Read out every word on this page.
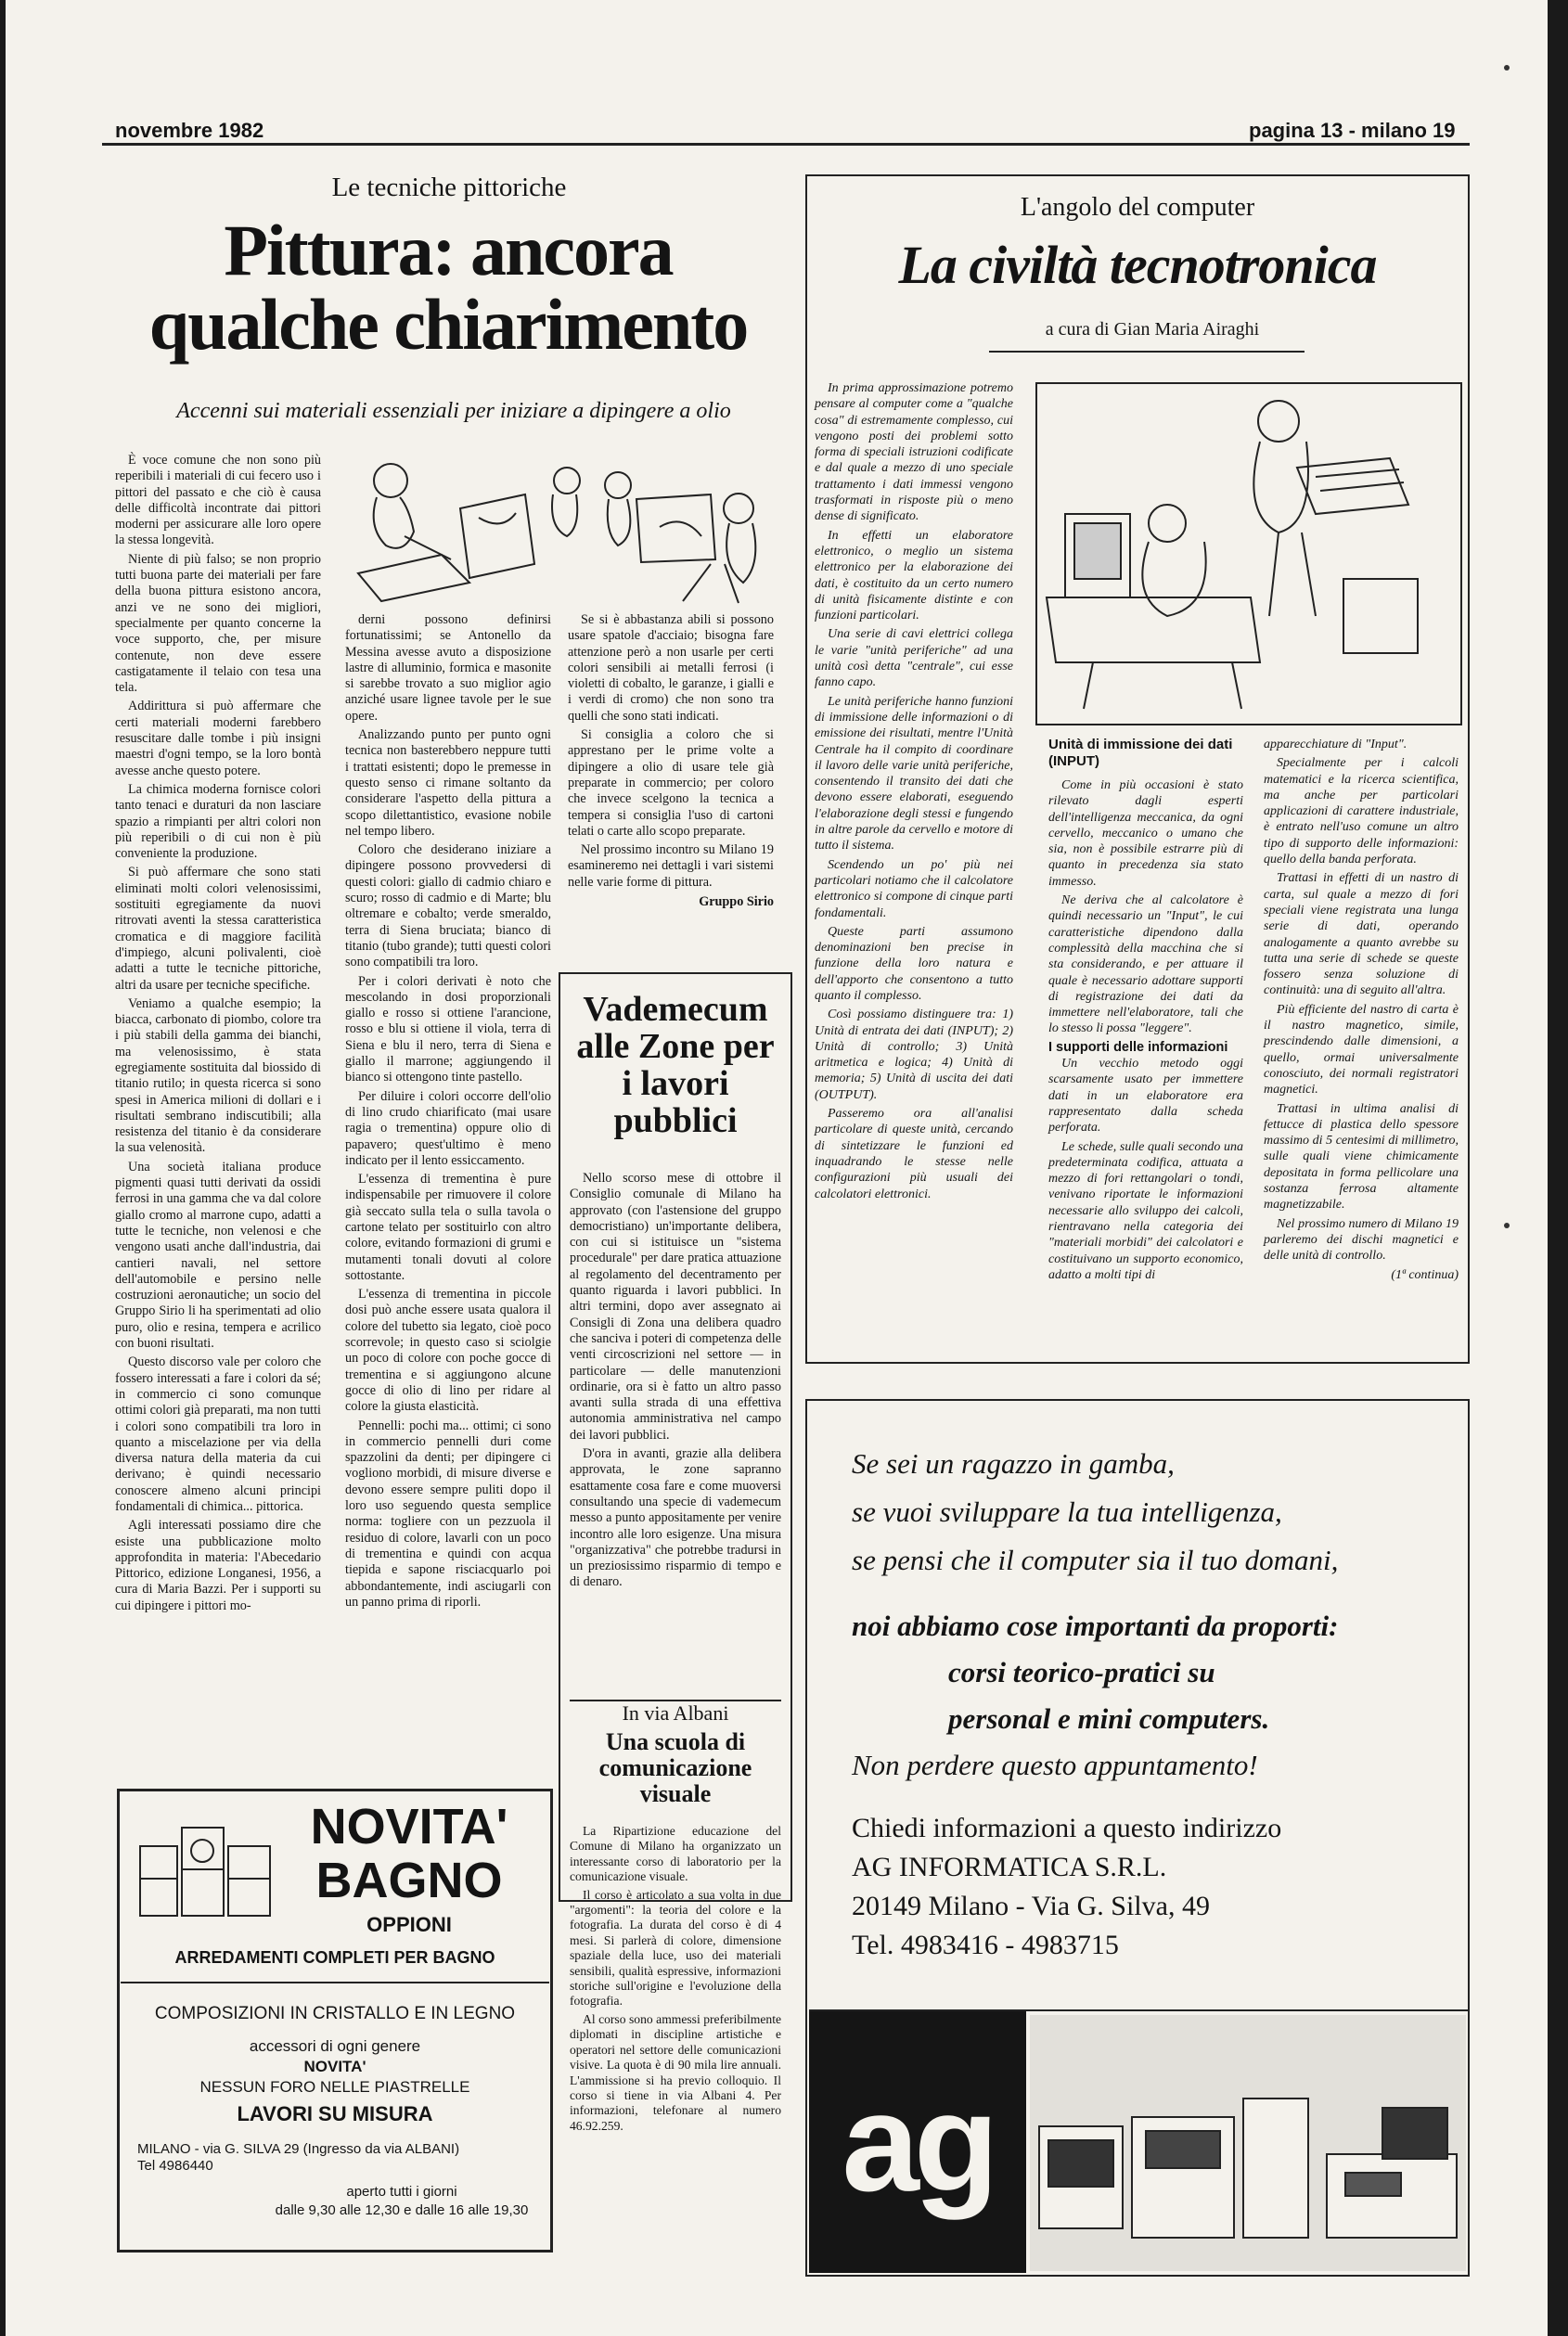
novembre 1982	pagina 13 - milano 19
Le tecniche pittoriche
Pittura: ancora
qualche chiarimento
Accenni sui materiali essenziali per iniziare a dipingere a olio

È voce comune che non sono più reperibili i materiali di cui fecero uso i pittori del passato e che ciò è causa delle difficoltà incontrate dai pittori moderni per assicurare alle loro opere la stessa longevità.

Niente di più falso; se non proprio tutti buona parte dei materiali per fare della buona pittura esistono ancora, anzi ve ne sono dei migliori, specialmente per quanto concerne la voce supporto, che, per misure contenute, non deve essere castigatamente il telaio con tesa una tela.

Addirittura si può affermare che certi materiali moderni farebbero resuscitare dalle tombe i più insigni maestri d'ogni tempo, se la loro bontà avesse anche questo potere.

La chimica moderna fornisce colori tanto tenaci e duraturi da non lasciare spazio a rimpianti per altri colori non più reperibili o di cui non è più conveniente la produzione.

Si può affermare che sono stati eliminati molti colori velenosissimi, sostituiti egregiamente da nuovi ritrovati aventi la stessa caratteristica cromatica e di maggiore facilità d'impiego, alcuni polivalenti, cioè adatti a tutte le tecniche pittoriche, altri da usare per tecniche specifiche.

Veniamo a qualche esempio; la biacca, carbonato di piombo, colore tra i più stabili della gamma dei bianchi, ma velenosissimo, è stata egregiamente sostituita dal biossido di titanio rutilo; in questa ricerca si sono spesi in America milioni di dollari e i risultati sembrano indiscutibili; alla resistenza del titanio è da considerare la sua velenosità.

Una società italiana produce pigmenti quasi tutti derivati da ossidi ferrosi in una gamma che va dal colore giallo cromo al marrone cupo, adatti a tutte le tecniche, non velenosi e che vengono usati anche dall'industria, dai cantieri navali, nel settore dell'automobile e persino nelle costruzioni aeronautiche; un socio del Gruppo Sirio li ha sperimentati ad olio puro, olio e resina, tempera e acrilico con buoni risultati.

Questo discorso vale per coloro che fossero interessati a fare i colori da sé; in commercio ci sono comunque ottimi colori già preparati, ma non tutti i colori sono compatibili tra loro in quanto a miscelazione per via della diversa natura della materia da cui derivano; è quindi necessario conoscere almeno alcuni principi fondamentali di chimica... pittorica.

Agli interessati possiamo dire che esiste una pubblicazione molto approfondita in materia: l'Abecedario Pittorico, edizione Longanesi, 1956, a cura di Maria Bazzi. Per i supporti su cui dipingere i pittori mo-

derni possono definirsi fortunatissimi; se Antonello da Messina avesse avuto a disposizione lastre di alluminio, formica e masonite si sarebbe trovato a suo miglior agio anziché usare lignee tavole per le sue opere.

Analizzando punto per punto ogni tecnica non basterebbero neppure tutti i trattati esistenti; dopo le premesse in questo senso ci rimane soltanto da considerare l'aspetto della pittura a scopo dilettantistico, evasione nobile nel tempo libero.

Coloro che desiderano iniziare a dipingere possono provvedersi di questi colori: giallo di cadmio chiaro e scuro; rosso di cadmio e di Marte; blu oltremare e cobalto; verde smeraldo, terra di Siena bruciata; bianco di titanio (tubo grande); tutti questi colori sono compatibili tra loro.

Per i colori derivati è noto che mescolando in dosi proporzionali giallo e rosso si ottiene l'arancione, rosso e blu si ottiene il viola, terra di Siena e blu il nero, terra di Siena e giallo il marrone; aggiungendo il bianco si ottengono tinte pastello.

Per diluire i colori occorre dell'olio di lino crudo chiarificato (mai usare ragia o trementina) oppure olio di papavero; quest'ultimo è meno indicato per il lento essiccamento.

L'essenza di trementina è pure indispensabile per rimuovere il colore già seccato sulla tela o sulla tavola o cartone telato per sostituirlo con altro colore, evitando formazioni di grumi e mutamenti tonali dovuti al colore sottostante.

L'essenza di trementina in piccole dosi può anche essere usata qualora il colore del tubetto sia legato, cioè poco scorrevole; in questo caso si sciolgie un poco di colore con poche gocce di trementina e si aggiungono alcune gocce di olio di lino per ridare al colore la giusta elasticità.

Pennelli: pochi ma... ottimi; ci sono in commercio pennelli duri come spazzolini da denti; per dipingere ci vogliono morbidi, di misure diverse e devono essere sempre puliti dopo il loro uso seguendo questa semplice norma: togliere con un pezzuola il residuo di colore, lavarli con un poco di trementina e quindi con acqua tiepida e sapone risciacquarlo poi abbondantemente, indi asciugarli con un panno prima di riporli.

Se si è abbastanza abili si possono usare spatole d'acciaio; bisogna fare attenzione però a non usarle per certi colori sensibili ai metalli ferrosi (i violetti di cobalto, le garanze, i gialli e i verdi di cromo) che non sono tra quelli che sono stati indicati.

Si consiglia a coloro che si apprestano per le prime volte a dipingere a olio di usare tele già preparate in commercio; per coloro che invece scelgono la tecnica a tempera si consiglia l'uso di cartoni telati o carte allo scopo preparate.

Nel prossimo incontro su Milano 19 esamineremo nei dettagli i vari sistemi nelle varie forme di pittura.

Gruppo Sirio
Vademecum alle Zone per i lavori pubblici

Nello scorso mese di ottobre il Consiglio comunale di Milano ha approvato (con l'astensione del gruppo democristiano) un'importante delibera, con cui si istituisce un "sistema procedurale" per dare pratica attuazione al regolamento del decentramento per quanto riguarda i lavori pubblici. In altri termini, dopo aver assegnato ai Consigli di Zona una delibera quadro che sanciva i poteri di competenza delle venti circoscrizioni nel settore — in particolare — delle manutenzioni ordinarie, ora si è fatto un altro passo avanti sulla strada di una effettiva autonomia amministrativa nel campo dei lavori pubblici.

D'ora in avanti, grazie alla delibera approvata, le zone sapranno esattamente cosa fare e come muoversi consultando una specie di vademecum messo a punto appositamente per venire incontro alle loro esigenze. Una misura "organizzativa" che potrebbe tradursi in un preziosissimo risparmio di tempo e di denaro.

In via Albani
Una scuola di comunicazione visuale

La Ripartizione educazione del Comune di Milano ha organizzato un interessante corso di laboratorio per la comunicazione visuale.

Il corso è articolato a sua volta in due "argomenti": la teoria del colore e la fotografia. La durata del corso è di 4 mesi. Si parlerà di colore, dimensione spaziale della luce, uso dei materiali sensibili, qualità espressive, informazioni storiche sull'origine e l'evoluzione della fotografia.

Al corso sono ammessi preferibilmente diplomati in discipline artistiche e operatori nel settore delle comunicazioni visive. La quota è di 90 mila lire annuali. L'ammissione si ha previo colloquio. Il corso si tiene in via Albani 4. Per informazioni, telefonare al numero 46.92.259.

NOVITA'
BAGNO
OPPIONI
ARREDAMENTI COMPLETI PER BAGNO
COMPOSIZIONI IN CRISTALLO E IN LEGNO
accessori di ogni genere
NOVITA'
NESSUN FORO NELLE PIASTRELLE
LAVORI SU MISURA
MILANO - via G. SILVA 29 (Ingresso da via ALBANI)
Tel 4986440
aperto tutti i giorni
dalle 9,30 alle 12,30 e dalle 16 alle 19,30
L'angolo del computer
La civiltà tecnotronica
a cura di Gian Maria Airaghi

In prima approssimazione potremo pensare al computer come a "qualche cosa" di estremamente complesso, cui vengono posti dei problemi sotto forma di speciali istruzioni codificate e dal quale a mezzo di uno speciale trattamento i dati immessi vengono trasformati in risposte più o meno dense di significato.

In effetti un elaboratore elettronico, o meglio un sistema elettronico per la elaborazione dei dati, è costituito da un certo numero di unità fisicamente distinte e con funzioni particolari.

Una serie di cavi elettrici collega le varie "unità periferiche" ad una unità così detta "centrale", cui esse fanno capo.

Le unità periferiche hanno funzioni di immissione delle informazioni o di emissione dei risultati, mentre l'Unità Centrale ha il compito di coordinare il lavoro delle varie unità periferiche, consentendo il transito dei dati che devono essere elaborati, eseguendo l'elaborazione degli stessi e fungendo in altre parole da cervello e motore di tutto il sistema.

Scendendo un po' più nei particolari notiamo che il calcolatore elettronico si compone di cinque parti fondamentali.

Queste parti assumono denominazioni ben precise in funzione della loro natura e dell'apporto che consentono a tutto quanto il complesso.

Così possiamo distinguere tra: 1) Unità di entrata dei dati (INPUT); 2) Unità di controllo; 3) Unità aritmetica e logica; 4) Unità di memoria; 5) Unità di uscita dei dati (OUTPUT).

Passeremo ora all'analisi particolare di queste unità, cercando di sintetizzare le funzioni ed inquadrando le stesse nelle configurazioni più usuali dei calcolatori elettronici.

Unità di immissione dei dati (INPUT)

Come in più occasioni è stato rilevato dagli esperti dell'intelligenza meccanica, da ogni cervello, meccanico o umano che sia, non è possibile estrarre più di quanto in precedenza sia stato immesso.

Ne deriva che al calcolatore è quindi necessario un "Input", le cui caratteristiche dipendono dalla complessità della macchina che si sta considerando, e per attuare il quale è necessario adottare supporti di registrazione dei dati da immettere nell'elaboratore, tali che lo stesso li possa "leggere".

I supporti delle informazioni

Un vecchio metodo oggi scarsamente usato per immettere dati in un elaboratore era rappresentato dalla scheda perforata.

Le schede, sulle quali secondo una predeterminata codifica, attuata a mezzo di fori rettangolari o tondi, venivano riportate le informazioni necessarie allo sviluppo dei calcoli, rientravano nella categoria dei "materiali morbidi" dei calcolatori e costituivano un supporto economico, adatto a molti tipi di

apparecchiature di "Input".

Specialmente per i calcoli matematici e la ricerca scientifica, ma anche per particolari applicazioni di carattere industriale, è entrato nell'uso comune un altro tipo di supporto delle informazioni: quello della banda perforata.

Trattasi in effetti di un nastro di carta, sul quale a mezzo di fori speciali viene registrata una lunga serie di dati, operando analogamente a quanto avrebbe su tutta una serie di schede se queste fossero senza soluzione di continuità: una di seguito all'altra.

Più efficiente del nastro di carta è il nastro magnetico, simile, prescindendo dalle dimensioni, a quello, ormai universalmente conosciuto, dei normali registratori magnetici.

Trattasi in ultima analisi di fettucce di plastica dello spessore massimo di 5 centesimi di millimetro, sulle quali viene chimicamente depositata in forma pellicolare una sostanza ferrosa altamente magnetizzabile.

Nel prossimo numero di Milano 19 parleremo dei dischi magnetici e delle unità di controllo.

(1ª continua)
Se sei un ragazzo in gamba,
se vuoi sviluppare la tua intelligenza,
se pensi che il computer sia il tuo domani,
noi abbiamo cose importanti da proporti:
corsi teorico-pratici su
personal e mini computers.
Non perdere questo appuntamento!
Chiedi informazioni a questo indirizzo
AG INFORMATICA S.R.L.
20149 Milano - Via G. Silva, 49
Tel. 4983416 - 4983715
ag
